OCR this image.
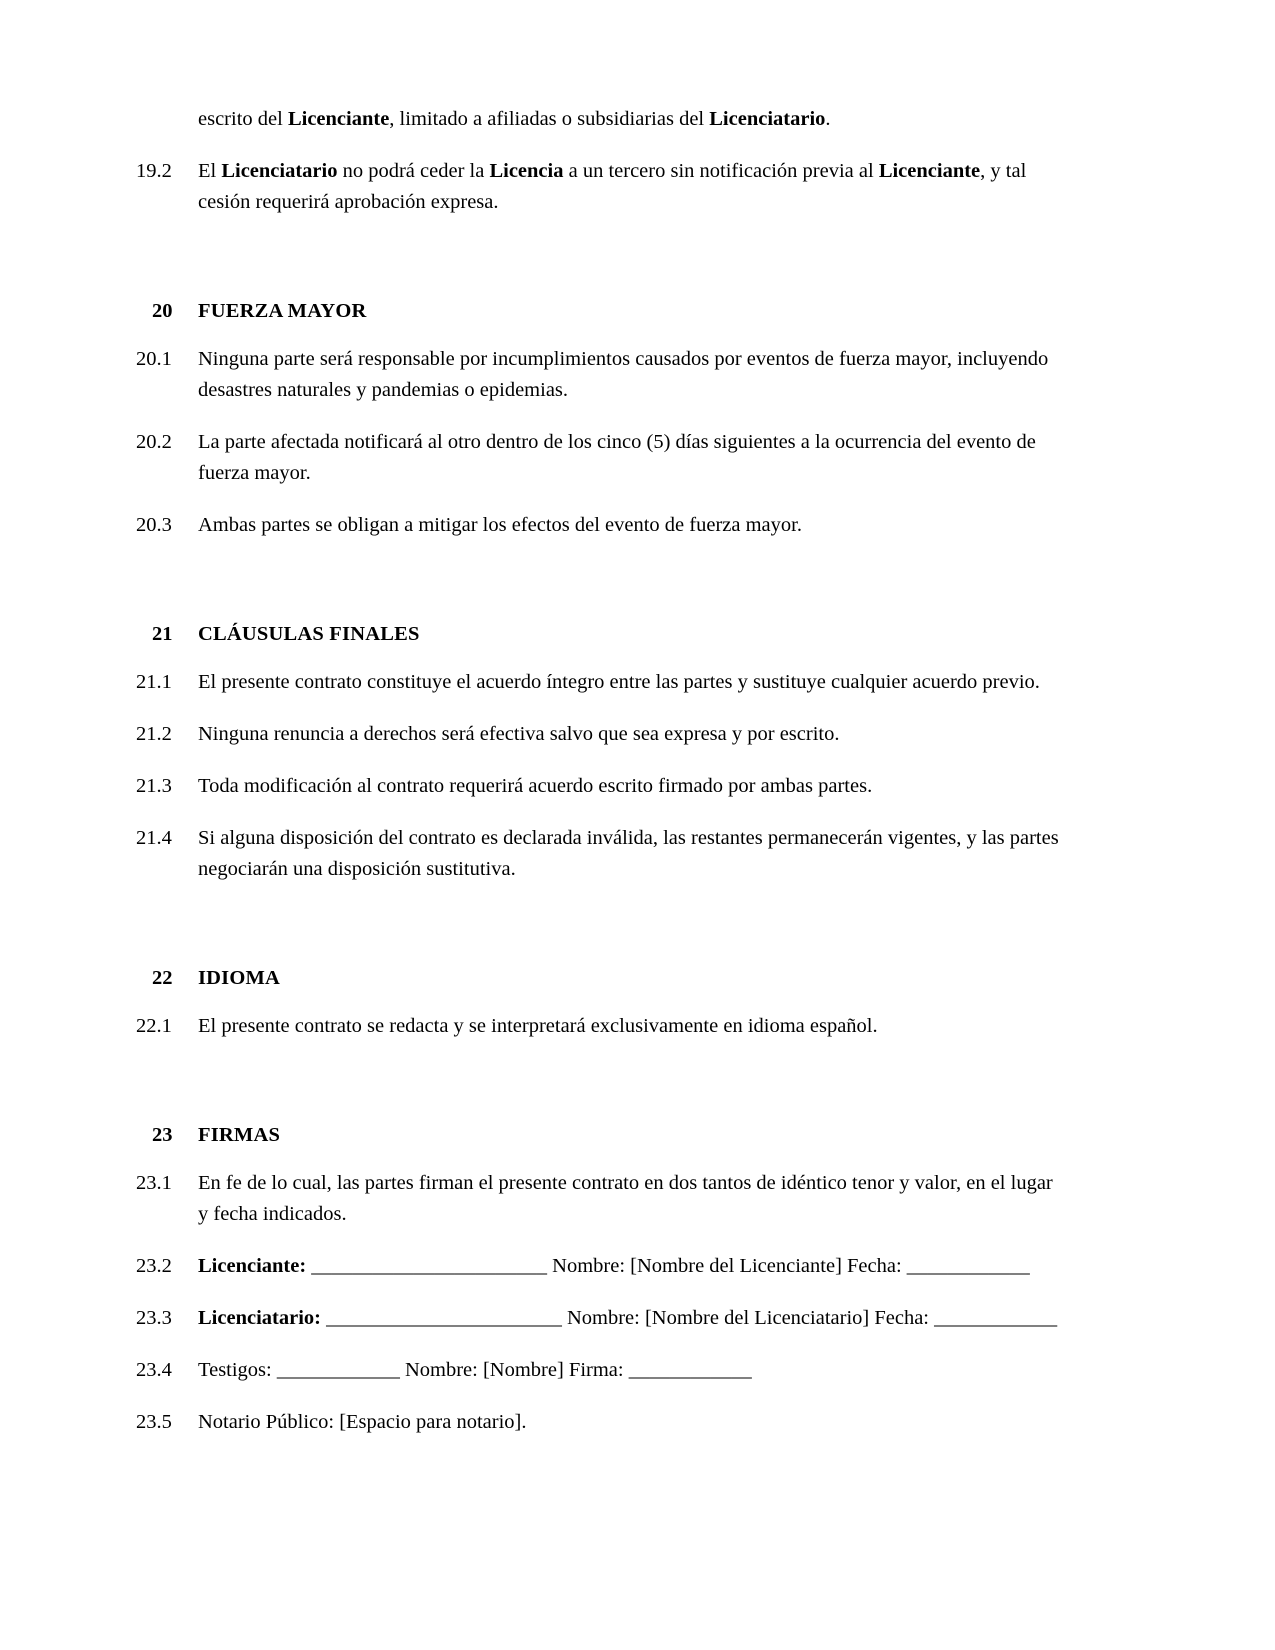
escrito del Licenciante, limitado a afiliadas o subsidiarias del Licenciatario.
19.2	El Licenciatario no podrá ceder la Licencia a un tercero sin notificación previa al Licenciante, y tal cesión requerirá aprobación expresa.
20	FUERZA MAYOR
20.1	Ninguna parte será responsable por incumplimientos causados por eventos de fuerza mayor, incluyendo desastres naturales y pandemias o epidemias.
20.2	La parte afectada notificará al otro dentro de los cinco (5) días siguientes a la ocurrencia del evento de fuerza mayor.
20.3	Ambas partes se obligan a mitigar los efectos del evento de fuerza mayor.
21	CLÁUSULAS FINALES
21.1	El presente contrato constituye el acuerdo íntegro entre las partes y sustituye cualquier acuerdo previo.
21.2	Ninguna renuncia a derechos será efectiva salvo que sea expresa y por escrito.
21.3	Toda modificación al contrato requerirá acuerdo escrito firmado por ambas partes.
21.4	Si alguna disposición del contrato es declarada inválida, las restantes permanecerán vigentes, y las partes negociarán una disposición sustitutiva.
22	IDIOMA
22.1	El presente contrato se redacta y se interpretará exclusivamente en idioma español.
23	FIRMAS
23.1	En fe de lo cual, las partes firman el presente contrato en dos tantos de idéntico tenor y valor, en el lugar y fecha indicados.
23.2	Licenciante: _______________________ Nombre: [Nombre del Licenciante] Fecha: ____________
23.3	Licenciatario: _______________________ Nombre: [Nombre del Licenciatario] Fecha: ____________
23.4	Testigos: ____________ Nombre: [Nombre] Firma: ____________
23.5	Notario Público: [Espacio para notario].
